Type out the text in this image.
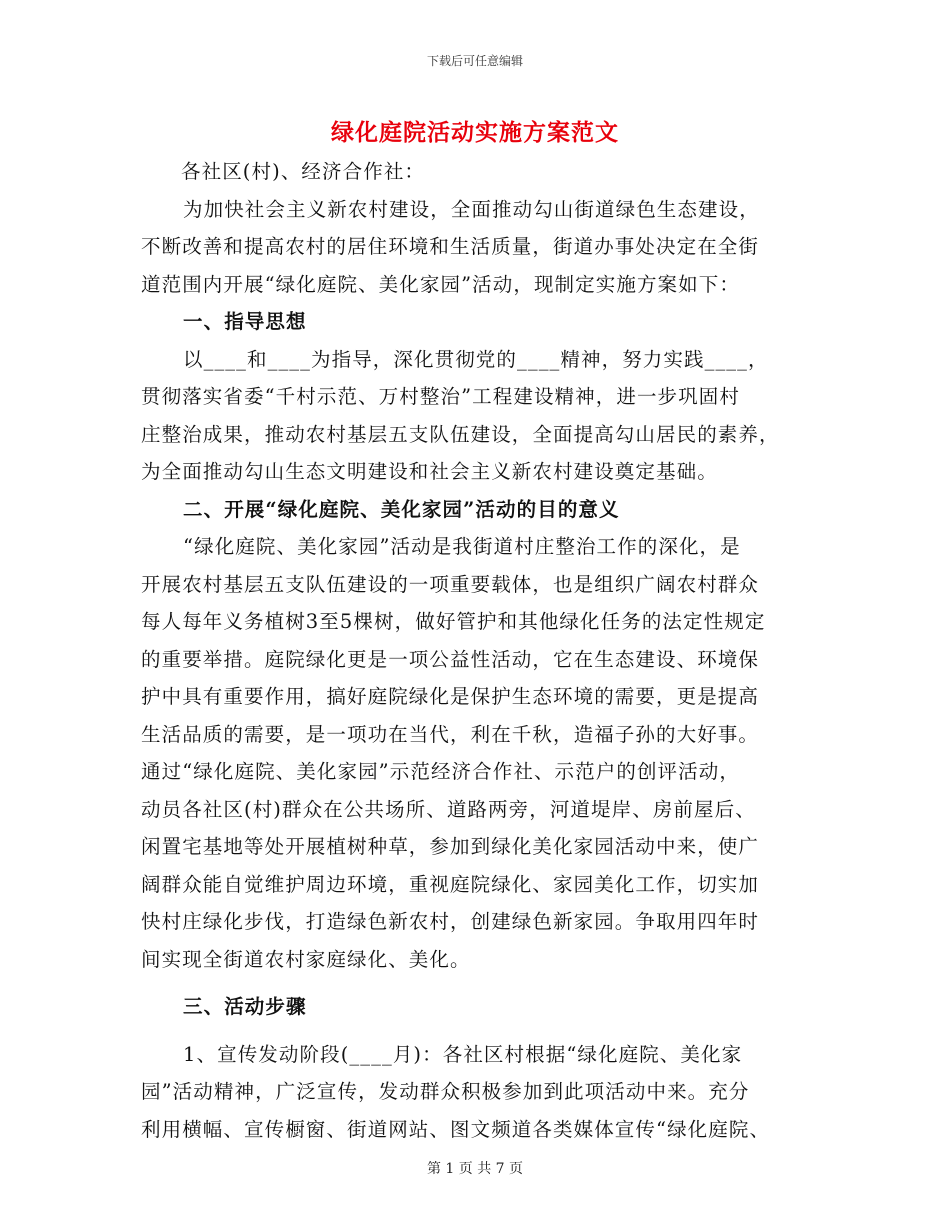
下载后可任意编辑
绿化庭院活动实施方案范文
各社区(村)、经济合作社：
为加快社会主义新农村建设，全面推动勾山街道绿色生态建设，
不断改善和提高农村的居住环境和生活质量，街道办事处决定在全街
道范围内开展“绿化庭院、美化家园”活动，现制定实施方案如下：
一、指导思想
以____和____为指导，深化贯彻党的____精神，努力实践____，
贯彻落实省委“千村示范、万村整治”工程建设精神，进一步巩固村
庄整治成果，推动农村基层五支队伍建设，全面提高勾山居民的素养，
为全面推动勾山生态文明建设和社会主义新农村建设奠定基础。
二、开展“绿化庭院、美化家园”活动的目的意义
“绿化庭院、美化家园”活动是我街道村庄整治工作的深化，是
开展农村基层五支队伍建设的一项重要载体，也是组织广阔农村群众
每人每年义务植树3至5棵树，做好管护和其他绿化任务的法定性规定
的重要举措。庭院绿化更是一项公益性活动，它在生态建设、环境保
护中具有重要作用，搞好庭院绿化是保护生态环境的需要，更是提高
生活品质的需要，是一项功在当代，利在千秋，造福子孙的大好事。
通过“绿化庭院、美化家园”示范经济合作社、示范户的创评活动，
动员各社区(村)群众在公共场所、道路两旁，河道堤岸、房前屋后、
闲置宅基地等处开展植树种草，参加到绿化美化家园活动中来，使广
阔群众能自觉维护周边环境，重视庭院绿化、家园美化工作，切实加
快村庄绿化步伐，打造绿色新农村，创建绿色新家园。争取用四年时
间实现全街道农村家庭绿化、美化。
三、活动步骤
1、宣传发动阶段(____月)：各社区村根据“绿化庭院、美化家
园”活动精神，广泛宣传，发动群众积极参加到此项活动中来。充分
利用横幅、宣传橱窗、街道网站、图文频道各类媒体宣传“绿化庭院、
第 1 页 共 7 页
